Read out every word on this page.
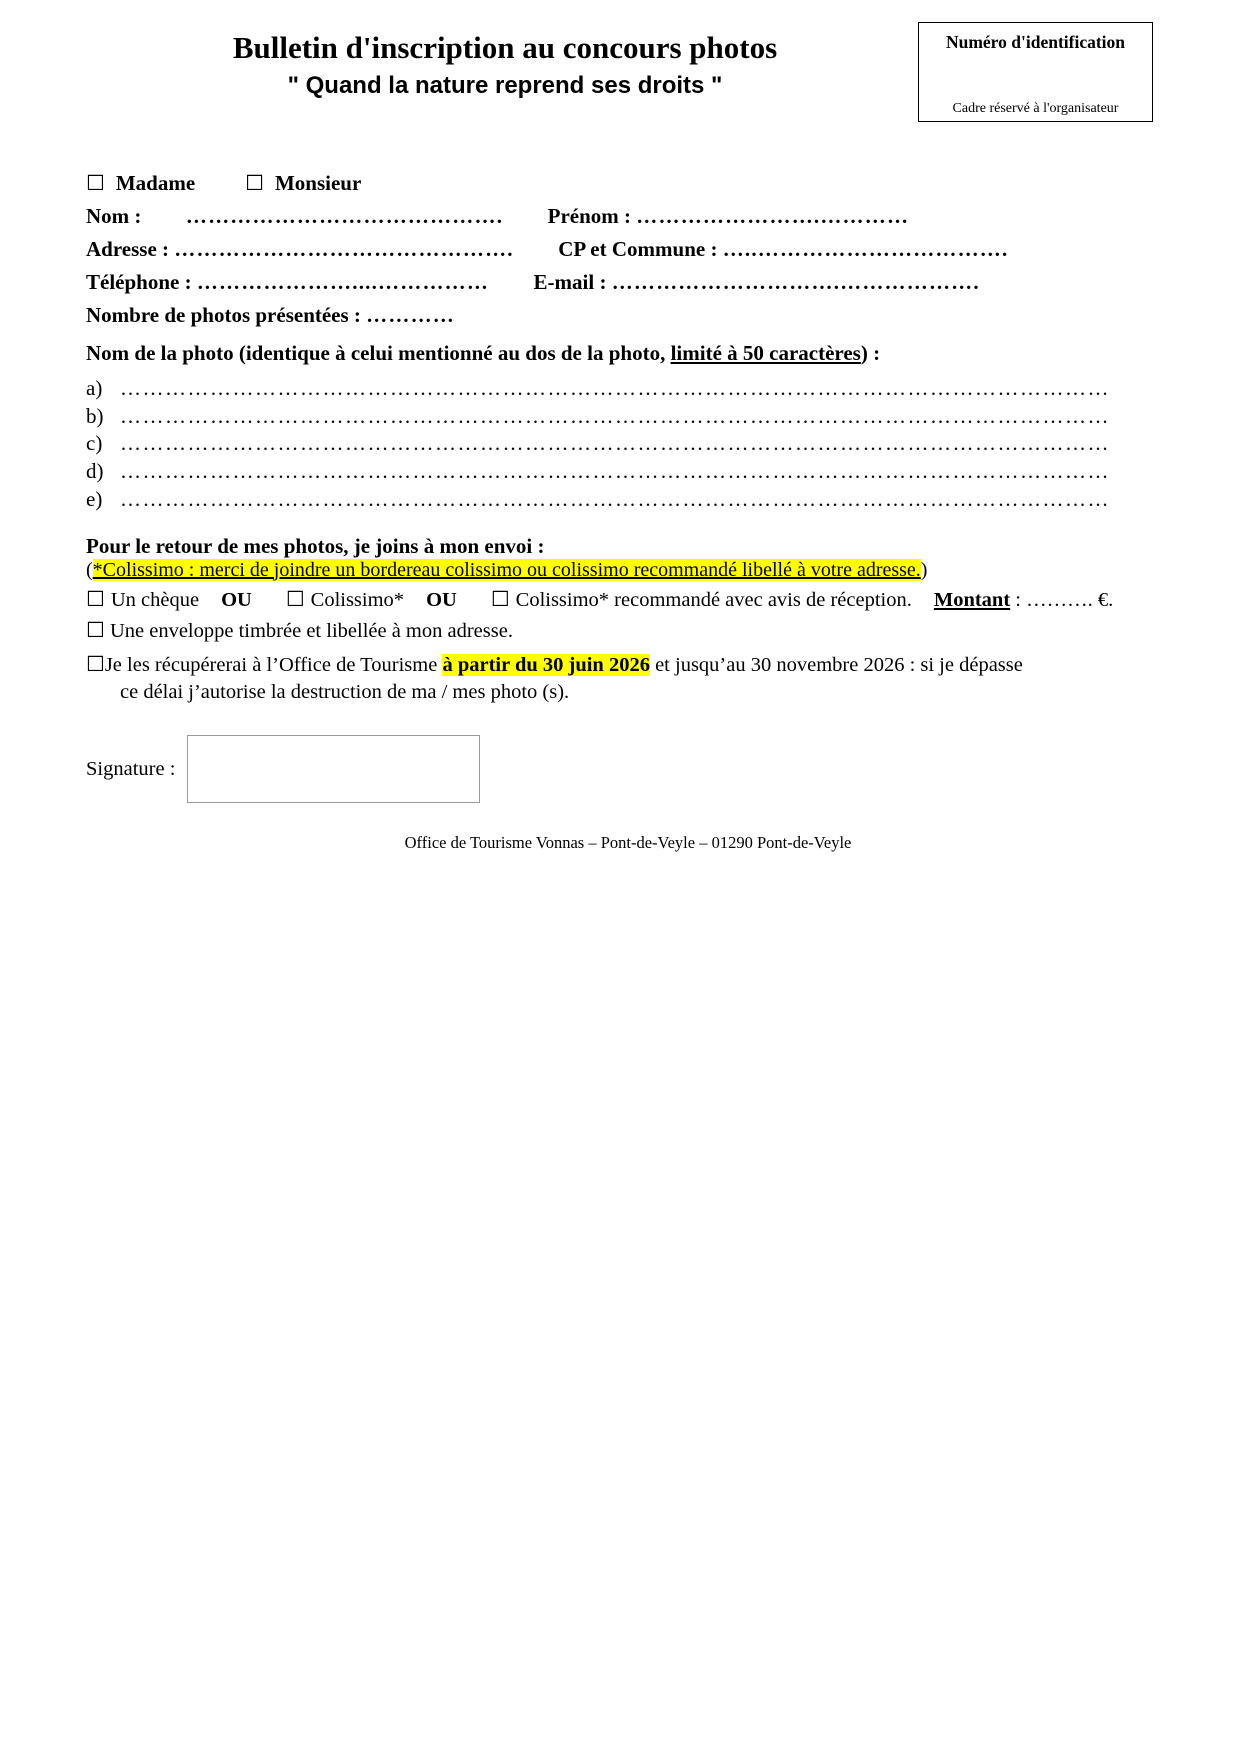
Bulletin d'inscription au concours photos
" Quand la nature reprend ses droits "
Numéro d'identification
Cadre réservé à l'organisateur
☐ Madame ☐ Monsieur
Nom : ……………………………………. Prénom : …………………….…………
Adresse : ………………………………………. CP et Commune : …..…………………………….
Téléphone : …………………....…………… E-mail : ………………………….……………….
Nombre de photos présentées : …………
Nom de la photo (identique à celui mentionné au dos de la photo, limité à 50 caractères) :
a) ……………………………………………………………………………………………………………………
b) ……………………………………………………………………………………………………………………
c) ……………………………………………………………………………………………………………………
d) ……………………………………………………………………………………………………………………
e) ……………………………………………………………………………………………………………………
Pour le retour de mes photos, je joins à mon envoi :
(*Colissimo : merci de joindre un bordereau colissimo ou colissimo recommandé libellé à votre adresse.)
☐ Un chèque OU ☐ Colissimo* OU ☐ Colissimo* recommandé avec avis de réception. Montant : ………. €.
☐ Une enveloppe timbrée et libellée à mon adresse.
☐Je les récupérerai à l’Office de Tourisme à partir du 30 juin 2026 et jusqu’au 30 novembre 2026 : si je dépasse
ce délai j’autorise la destruction de ma / mes photo (s).
Signature :
Office de Tourisme Vonnas – Pont-de-Veyle – 01290 Pont-de-Veyle
